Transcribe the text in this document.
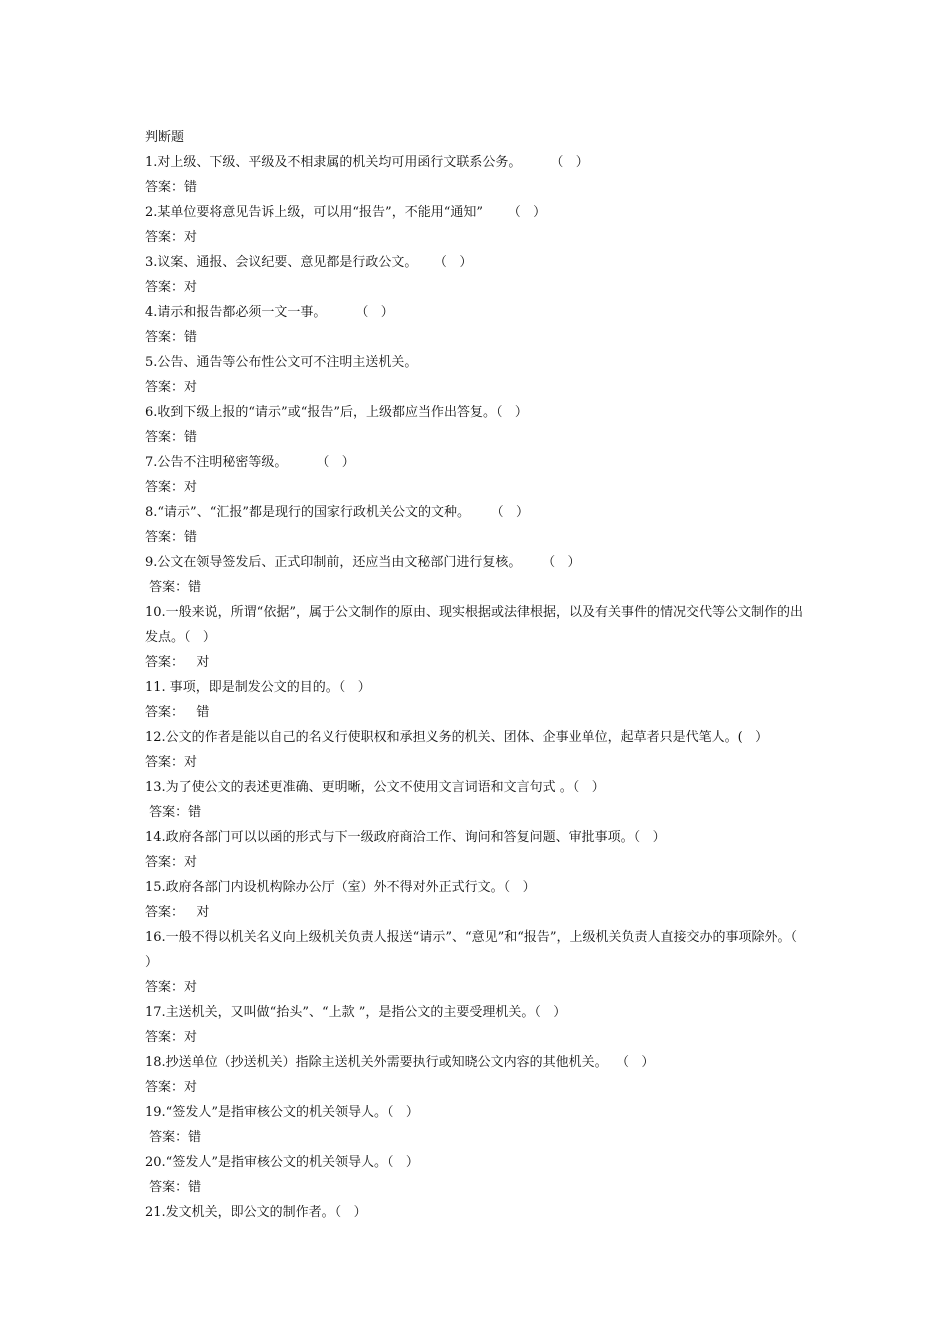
判断题
1.对上级、下级、平级及不相隶属的机关均可用函行文联系公务。       （   ）
答案：错
2.某单位要将意见告诉上级，可以用“报告”，不能用“通知”      （   ）
答案：对
3.议案、通报、会议纪要、意见都是行政公文。    （   ）
答案：对
4.请示和报告都必须一文一事。       （   ）
答案：错
5.公告、通告等公布性公文可不注明主送机关。
答案：对
6.收到下级上报的“请示”或“报告”后，上级都应当作出答复。（   ）
答案：错
7.公告不注明秘密等级。       （   ）
答案：对
8.“请示”、“汇报”都是现行的国家行政机关公文的文种。     （   ）
答案：错
9.公文在领导签发后、正式印制前，还应当由文秘部门进行复核。     （   ）
答案：错
10.一般来说，所谓“依据”，属于公文制作的原由、现实根据或法律根据，以及有关事件的情况交代等公文制作的出发点。（   ）
答案：   对
11. 事项，即是制发公文的目的。（   ）
答案：   错
12.公文的作者是能以自己的名义行使职权和承担义务的机关、团体、企事业单位，起草者只是代笔人。(   ）
答案：对
13.为了使公文的表述更准确、更明晰，公文不使用文言词语和文言句式 。（   ）
答案：错
14.政府各部门可以以函的形式与下一级政府商洽工作、询问和答复问题、审批事项。（   ）
答案：对
15.政府各部门内设机构除办公厅（室）外不得对外正式行文。（   ）
答案：   对
16.一般不得以机关名义向上级机关负责人报送“请示”、“意见”和“报告”，上级机关负责人直接交办的事项除外。（   ）
答案：对
17.主送机关，又叫做“抬头”、“上款 ”，是指公文的主要受理机关。（   ）
答案：对
18.抄送单位（抄送机关）指除主送机关外需要执行或知晓公文内容的其他机关。  （   ）
答案：对
19.“签发人”是指审核公文的机关领导人。（   ）
答案：错
20.“签发人”是指审核公文的机关领导人。（   ）
答案：错
21.发文机关，即公文的制作者。（   ）
